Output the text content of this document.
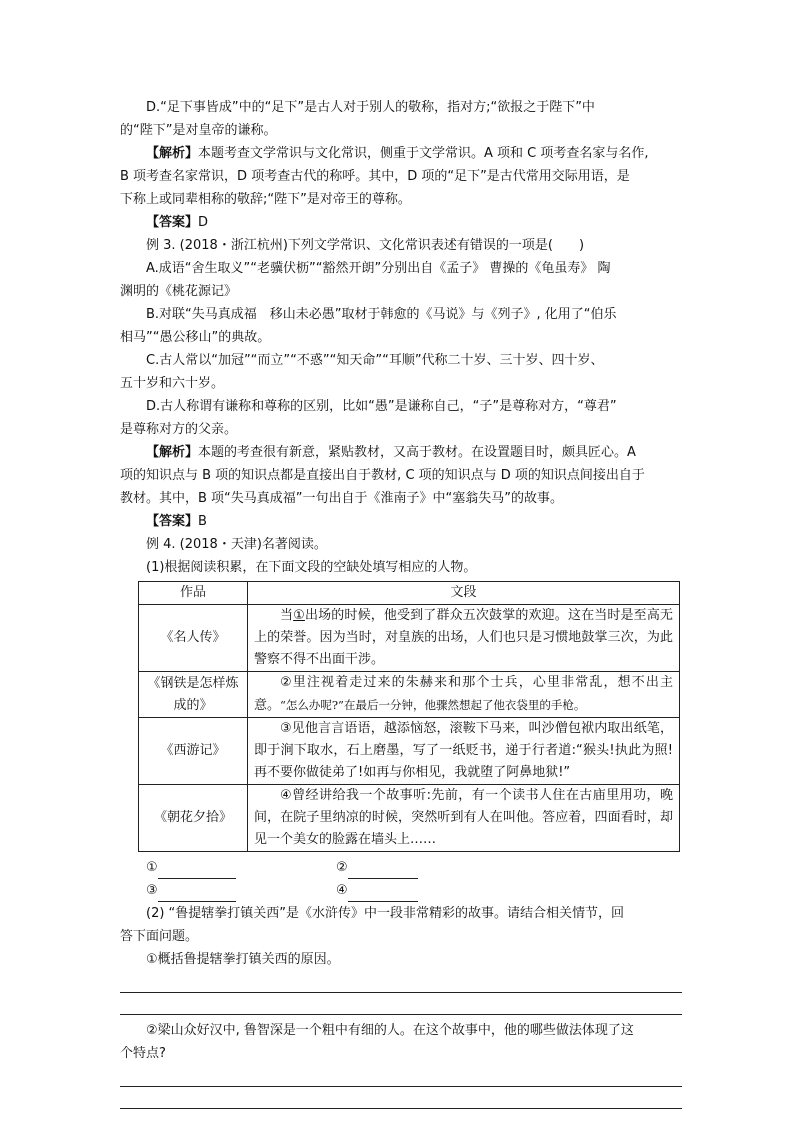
D.“足下事皆成”中的“足下”是古人对于别人的敬称，指对方;“欲报之于陛下”中

的“陛下”是对皇帝的谦称。

【解析】本题考查文学常识与文化常识，侧重于文学常识。A 项和 C 项考查名家与名作,

B 项考查名家常识，D 项考查古代的称呼。其中，D 项的“足下”是古代常用交际用语，是

下称上或同辈相称的敬辞;“陛下”是对帝王的尊称。

【答案】D

例 3. (2018・浙江杭州)下列文学常识、文化常识表述有错误的一项是(　　)

A.成语“舍生取义”“老骥伏枥”“豁然开朗”分别出自《孟子》 曹操的《龟虽寿》 陶

渊明的《桃花源记》

B.对联“失马真成福　移山未必愚”取材于韩愈的《马说》与《列子》, 化用了“伯乐

相马”“愚公移山”的典故。

C.古人常以“加冠”“而立”“不惑”“知天命”“耳顺”代称二十岁、三十岁、四十岁、

五十岁和六十岁。

D.古人称谓有谦称和尊称的区别，比如“愚”是谦称自己，“子”是尊称对方，“尊君”

是尊称对方的父亲。

【解析】本题的考查很有新意，紧贴教材，又高于教材。在设置题目时，颇具匠心。A

项的知识点与 B 项的知识点都是直接出自于教材, C 项的知识点与 D 项的知识点间接出自于

教材。其中，B 项“失马真成福”一句出自于《淮南子》中“塞翁失马”的故事。

【答案】B

例 4. (2018・天津)名著阅读。

(1)根据阅读积累，在下面文段的空缺处填写相应的人物。

作品	文段
《名人传》	当①出场的时候，他受到了群众五次鼓掌的欢迎。这在当时是至高无上的荣誉。因为当时，对皇族的出场，人们也只是习惯地鼓掌三次，为此警察不得不出面干涉。
《钢铁是怎样炼成的》	②里注视着走过来的朱赫来和那个士兵，心里非常乱，想不出主意。“怎么办呢?”在最后一分钟，他骤然想起了他衣袋里的手枪。
《西游记》	③见他言言语语，越添恼怒，滚鞍下马来，叫沙僧包袱内取出纸笔，即于涧下取水，石上磨墨，写了一纸贬书，递于行者道:“猴头!执此为照!再不要你做徒弟了!如再与你相见，我就堕了阿鼻地狱!”
《朝花夕拾》	④曾经讲给我一个故事听:先前，有一个读书人住在古庙里用功，晚间，在院子里纳凉的时候，突然听到有人在叫他。答应着，四面看时，却见一个美女的脸露在墙头上……
①	②
③	④

(2) “鲁提辖拳打镇关西”是《水浒传》中一段非常精彩的故事。请结合相关情节，回

答下面问题。

①概括鲁提辖拳打镇关西的原因。

②梁山众好汉中, 鲁智深是一个粗中有细的人。在这个故事中，他的哪些做法体现了这

个特点?
